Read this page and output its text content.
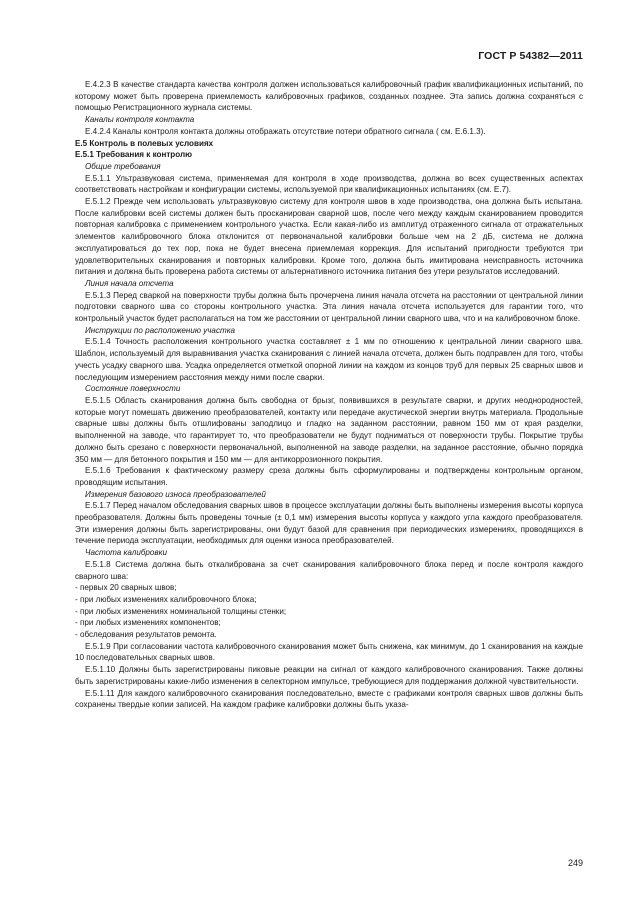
ГОСТ Р 54382—2011

Е.4.2.3 В качестве стандарта качества контроля должен использоваться калибровочный график квалификационных испытаний, по которому может быть проверена приемлемость калибровочных графиков, созданных позднее. Эта запись должна сохраняться с помощью Регистрационного журнала системы.

Каналы контроля контакта

Е.4.2.4 Каналы контроля контакта должны отображать отсутствие потери обратного сигнала ( см. Е.6.1.3).

Е.5 Контроль в полевых условиях

Е.5.1 Требования к контролю

Общие требования

Е.5.1.1 Ультразвуковая система, применяемая для контроля в ходе производства, должна во всех существенных аспектах соответствовать настройкам и конфигурации системы, используемой при квалификационных испытаниях (см. Е.7).

Е.5.1.2 Прежде чем использовать ультразвуковую систему для контроля швов в ходе производства, она должна быть испытана. После калибровки всей системы должен быть просканирован сварной шов, после чего между каждым сканированием проводится повторная калибровка с применением контрольного участка. Если какая-либо из амплитуд отраженного сигнала от отражательных элементов калибровочного блока отклонится от первоначальной калибровки больше чем на 2 дБ, система не должна эксплуатироваться до тех пор, пока не будет внесена приемлемая коррекция. Для испытаний пригодности требуются три удовлетворительных сканирования и повторных калибровки. Кроме того, должна быть имитирована неисправность источника питания и должна быть проверена работа системы от альтернативного источника питания без утери результатов исследований.

Линия начала отсчета

Е.5.1.3 Перед сваркой на поверхности трубы должна быть прочерчена линия начала отсчета на расстоянии от центральной линии подготовки сварного шва со стороны контрольного участка. Эта линия начала отсчета используется для гарантии того, что контрольный участок будет располагаться на том же расстоянии от центральной линии сварного шва, что и на калибровочном блоке.

Инструкции по расположению участка

Е.5.1.4 Точность расположения контрольного участка составляет ± 1 мм по отношению к центральной линии сварного шва. Шаблон, используемый для выравнивания участка сканирования с линией начала отсчета, должен быть подправлен для того, чтобы учесть усадку сварного шва. Усадка определяется отметкой опорной линии на каждом из концов труб для первых 25 сварных швов и последующим измерением расстояния между ними после сварки.

Состояние поверхности

Е.5.1.5 Область сканирования должна быть свободна от брызг, появившихся в результате сварки, и других неоднородностей, которые могут помешать движению преобразователей, контакту или передаче акустической энергии внутрь материала. Продольные сварные швы должны быть отшлифованы заподлицо и гладко на заданном расстоянии, равном 150 мм от края разделки, выполненной на заводе, что гарантирует то, что преобразователи не будут подниматься от поверхности трубы. Покрытие трубы должно быть срезано с поверхности первоначальной, выполненной на заводе разделки, на заданное расстояние, обычно порядка 350 мм — для бетонного покрытия и 150 мм — для антикоррозионного покрытия.

Е.5.1.6 Требования к фактическому размеру среза должны быть сформулированы и подтверждены контрольным органом, проводящим испытания.

Измерения базового износа преобразователей

Е.5.1.7 Перед началом обследования сварных швов в процессе эксплуатации должны быть выполнены измерения высоты корпуса преобразователя. Должны быть проведены точные (± 0,1 мм) измерения высоты корпуса у каждого угла каждого преобразователя. Эти измерения должны быть зарегистрированы, они будут базой для сравнения при периодических измерениях, проводящихся в течение периода эксплуатации, необходимых для оценки износа преобразователей.

Частота калибровки

Е.5.1.8 Система должна быть откалибрована за счет сканирования калибровочного блока перед и после контроля каждого сварного шва:

- первых 20 сварных швов;

- при любых изменениях калибровочного блока;

- при любых изменениях номинальной толщины стенки;

- при любых изменениях компонентов;

- обследования результатов ремонта.

Е.5.1.9 При согласовании частота калибровочного сканирования может быть снижена, как минимум, до 1 сканирования на каждые 10 последовательных сварных швов.

Е.5.1.10 Должны быть зарегистрированы пиковые реакции на сигнал от каждого калибровочного сканирования. Также должны быть зарегистрированы какие-либо изменения в селекторном импульсе, требующиеся для поддержания должной чувствительности.

Е.5.1.11 Для каждого калибровочного сканирования последовательно, вместе с графиками контроля сварных швов должны быть сохранены твердые копии записей. На каждом графике калибровки должны быть указа-

249
